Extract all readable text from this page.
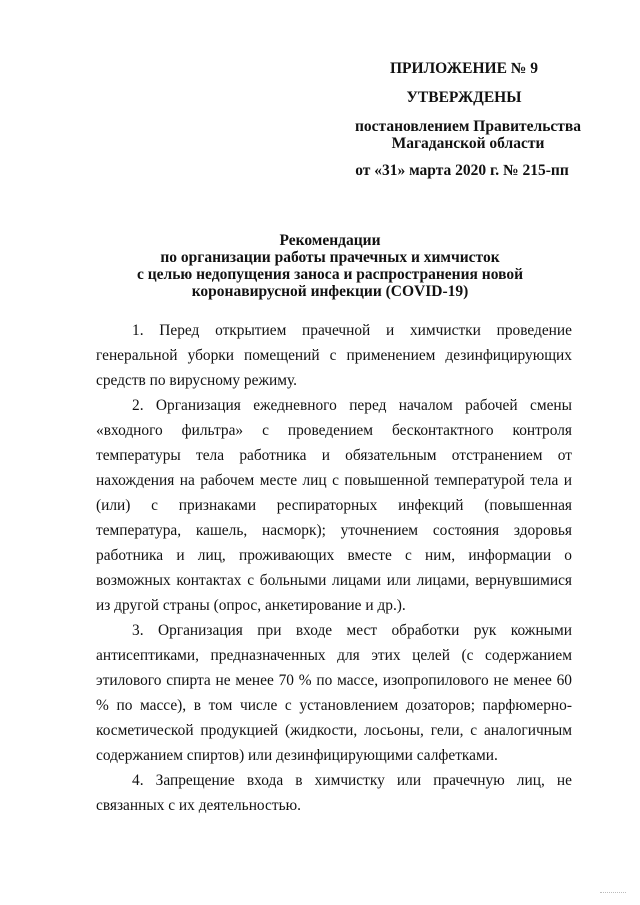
ПРИЛОЖЕНИЕ № 9
УТВЕРЖДЕНЫ
постановлением Правительства
Магаданской области
от «31» марта 2020 г. № 215-пп
Рекомендации
по организации работы прачечных и химчисток
с целью недопущения заноса и распространения новой
коронавирусной инфекции (COVID-19)

1. Перед открытием прачечной и химчистки проведение генеральной уборки помещений с применением дезинфицирующих средств по вирусному режиму.

2. Организация ежедневного перед началом рабочей смены «входного фильтра» с проведением бесконтактного контроля температуры тела работника и обязательным отстранением от нахождения на рабочем месте лиц с повышенной температурой тела и (или) с признаками респираторных инфекций (повышенная температура, кашель, насморк); уточнением состояния здоровья работника и лиц, проживающих вместе с ним, информации о возможных контактах с больными лицами или лицами, вернувшимися из другой страны (опрос, анкетирование и др.).

3. Организация при входе мест обработки рук кожными антисептиками, предназначенных для этих целей (с содержанием этилового спирта не менее 70 % по массе, изопропилового не менее 60 % по массе), в том числе с установлением дозаторов; парфюмерно-косметической продукцией (жидкости, лосьоны, гели, с аналогичным содержанием спиртов) или дезинфицирующими салфетками.

4. Запрещение входа в химчистку или прачечную лиц, не связанных с их деятельностью.
